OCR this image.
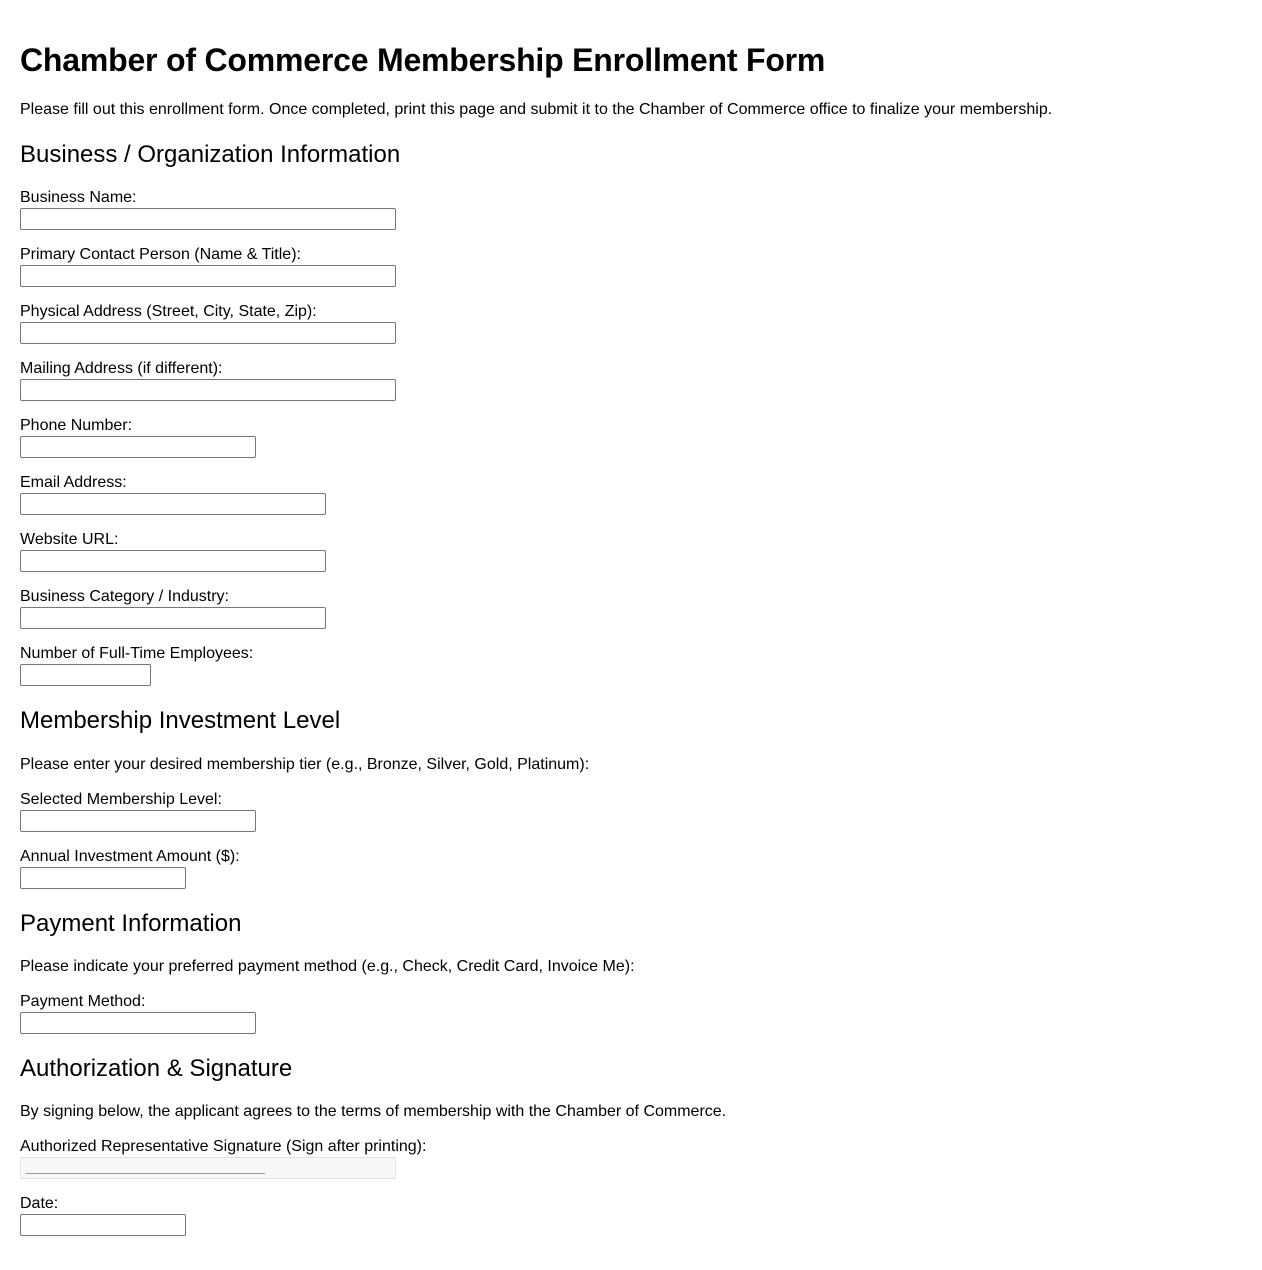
Chamber of Commerce Membership Enrollment Form

Please fill out this enrollment form. Once completed, print this page and submit it to the Chamber of Commerce office to finalize your membership.

Business / Organization Information
Business Name:
Primary Contact Person (Name & Title):
Physical Address (Street, City, State, Zip):
Mailing Address (if different):
Phone Number:
Email Address:
Website URL:
Business Category / Industry:
Number of Full-Time Employees:
Membership Investment Level

Please enter your desired membership tier (e.g., Bronze, Silver, Gold, Platinum):

Selected Membership Level:
Annual Investment Amount ($):
Payment Information

Please indicate your preferred payment method (e.g., Check, Credit Card, Invoice Me):

Payment Method:
Authorization & Signature

By signing below, the applicant agrees to the terms of membership with the Chamber of Commerce.

Authorized Representative Signature (Sign after printing):
Date:
